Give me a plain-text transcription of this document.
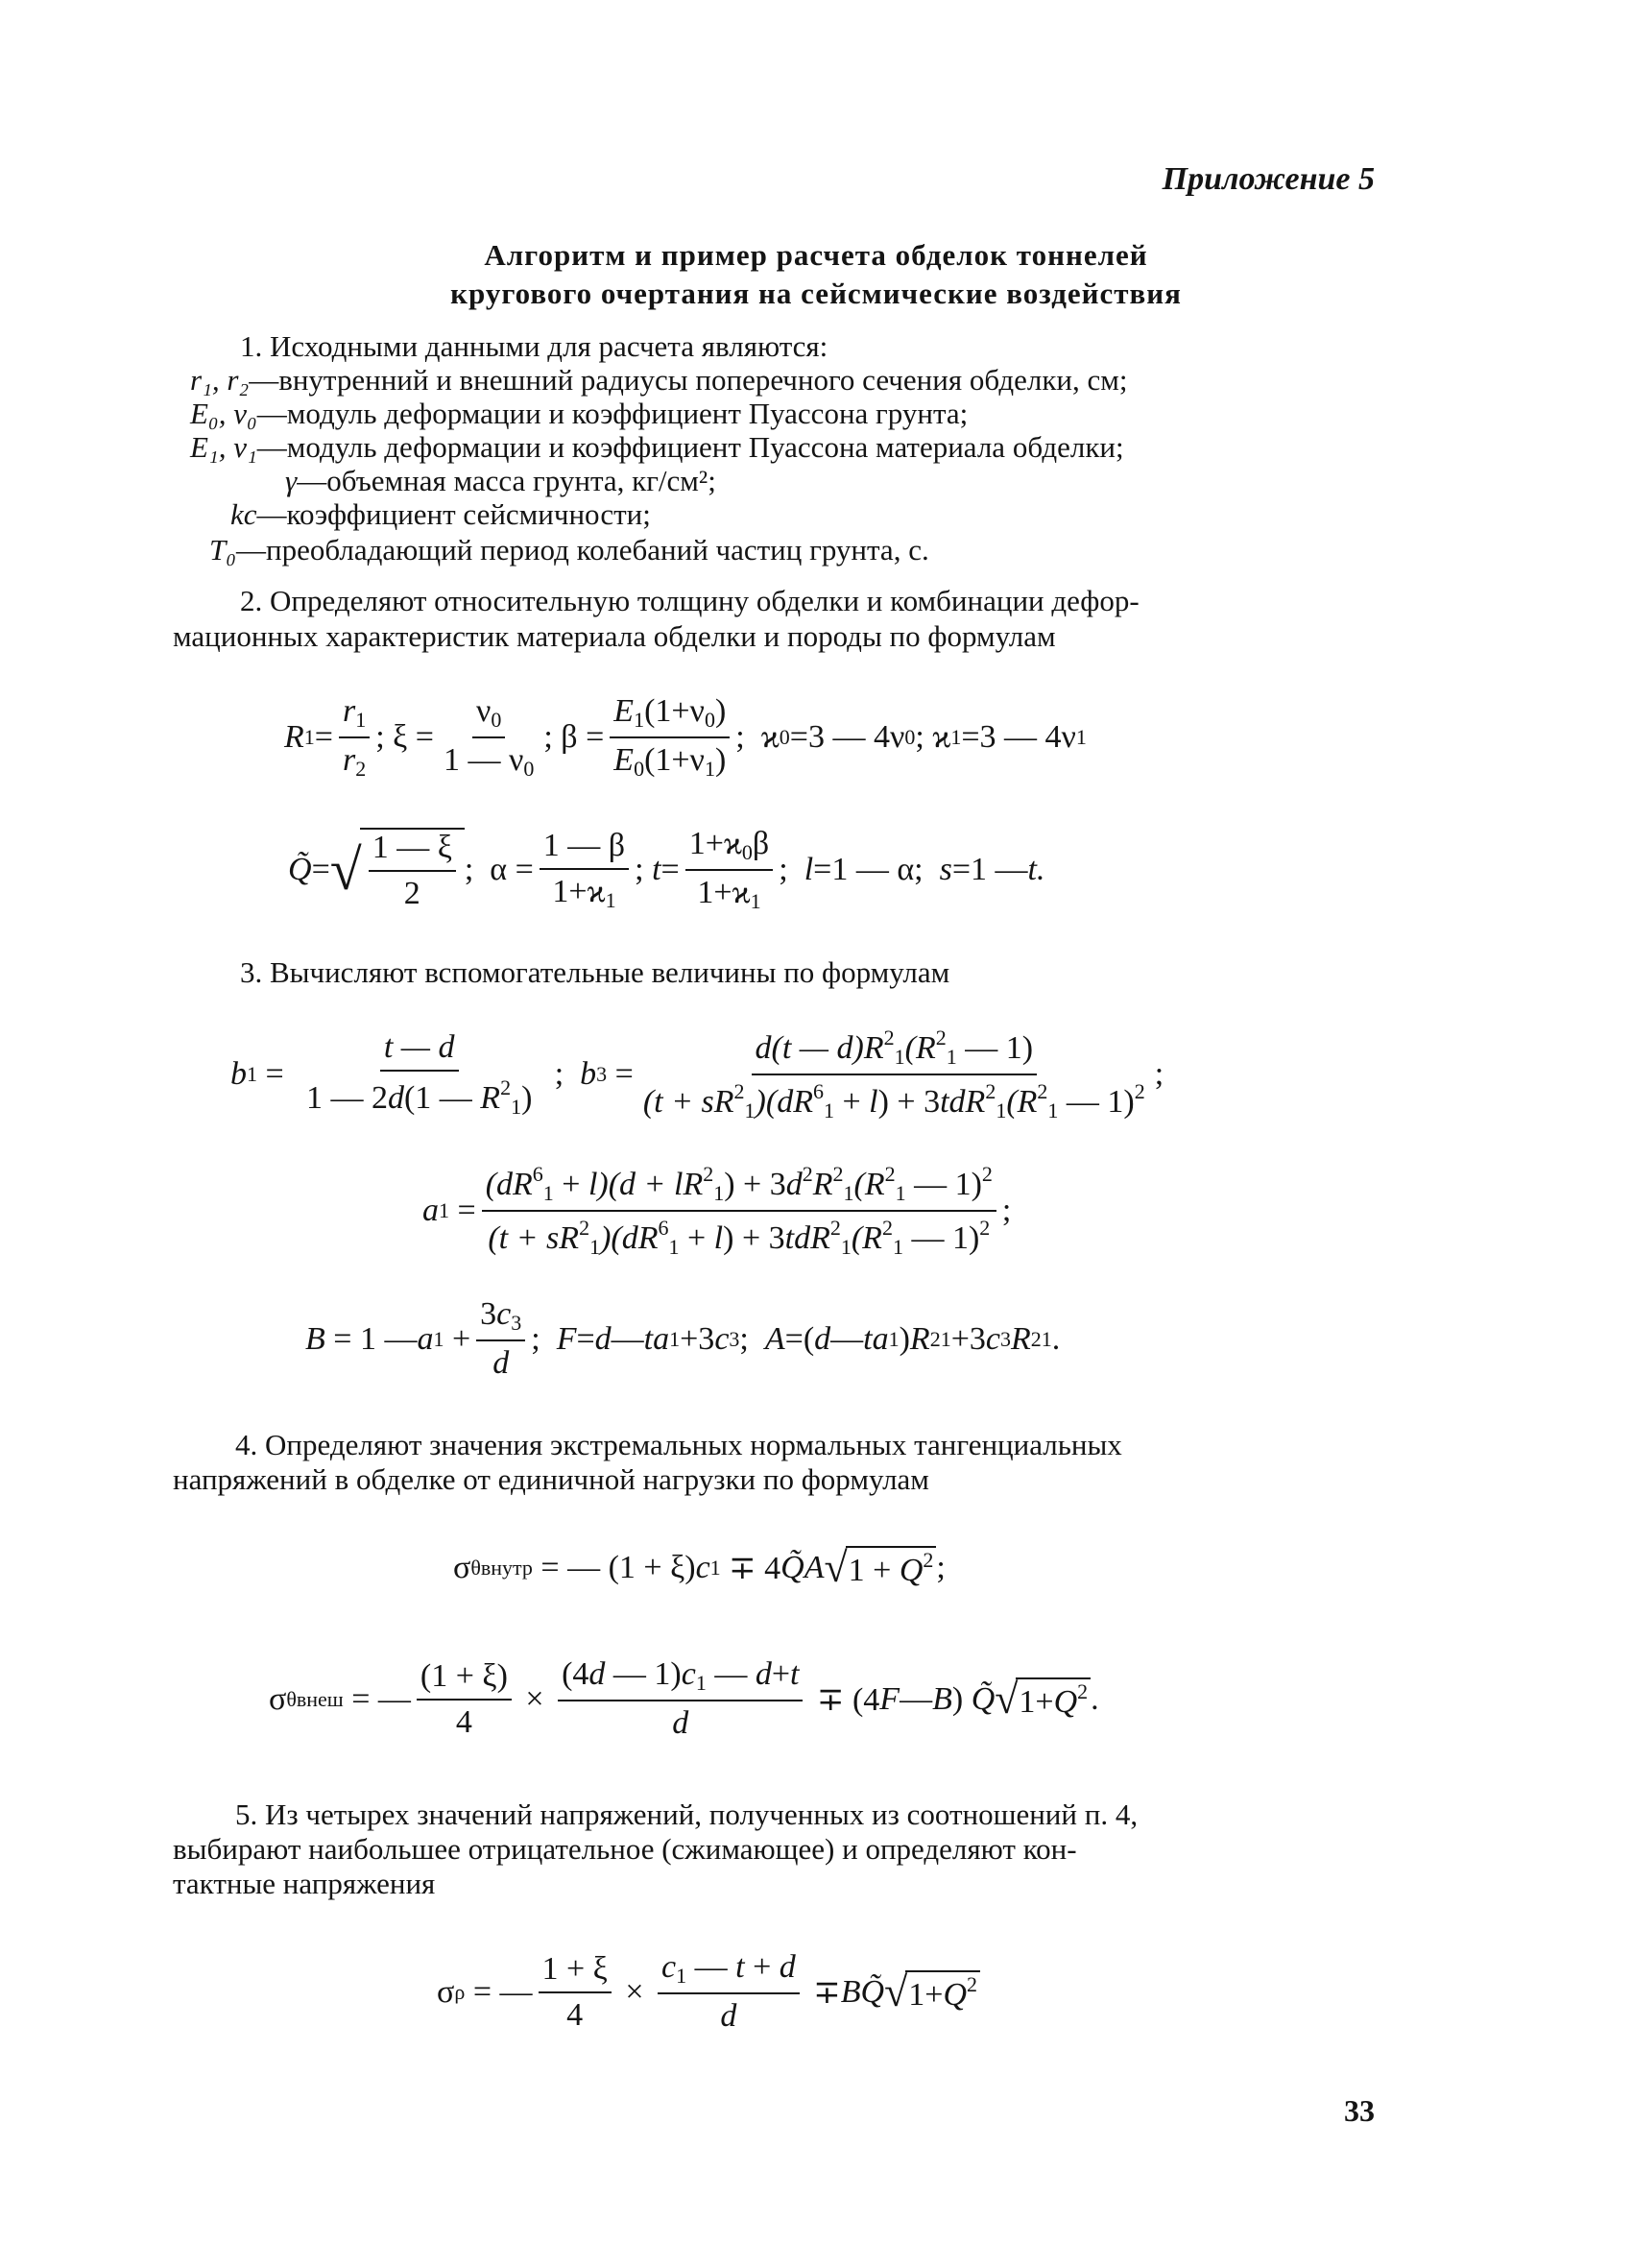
Приложение 5
Алгоритм и пример расчета обделок тоннелей
кругового очертания на сейсмические воздействия
1. Исходными данными для расчета являются:
r₁, r₂—внутренний и внешний радиусы поперечного сечения обделки, см;
E₀, ν₀—модуль деформации и коэффициент Пуассона грунта;
E₁, ν₁—модуль деформации и коэффициент Пуассона материала обделки;
γ—объемная масса грунта, кг/см²;
kс—коэффициент сейсмичности;
T₀—преобладающий период колебаний частиц грунта, с.
2. Определяют относительную толщину обделки и комбинации дефор-
мационных характеристик материала обделки и породы по формулам
R $1 = \frac{r_1}{r_2}$ ; $\xi = \frac{\nu_0}{1 — \nu_0}$ ; $\beta = \frac{E_1(1+\nu_0)}{E_0(1+\nu_1)}$ ;  ϰ 0 =3 — 4ν 0 ; ϰ 1 =3 — 4ν 1
Q̃ = √ $\frac{1 — \xi}{2}$ ;  $\alpha = \frac{1 — \beta}{1+ϰ_1}$ ;
$t = \frac{1+ϰ_0\beta}{1+ϰ_1}$ ; l =1 — α; s =1 — t.
3. Вычисляют вспомогательные величины по формулам
b $1 = \frac{t — d}{1 — 2d(1 — R^2_1)}$ ; b $3 = \frac{d(t — d)R^2_1(R^2_1 — 1)}{(t + sR^2_1)(dR^6_1 + l) + 3tdR^2_1(R^2_1 — 1)^2}$ ;
a $1 = \frac{(dR^6_1 + l)(d + lR^2_1) + 3d^2R^2_1(R^2_1 — 1)^2}{(t + sR^2_1)(dR^6_1 + l) + 3tdR^2_1(R^2_1 — 1)^2}$ ;
B = 1 — a $1 + \frac{3c_3}{d}$ ; F = d — ta 1 +3 c 3 ; A =( d — ta 1 ) R 2 1 +3 c 3 R 2 1 .
4. Определяют значения экстремальных нормальных тангенциальных
напряжений в обделке от единичной нагрузки по формулам
σ θвнутр = — (1 + ξ) c 1 ∓ 4 Q̃A √ $1 + Q^2$ ;
σ θвнеш = — $\frac{(1 + \xi)}{4} \times \frac{(4d — 1)c_1 — d+t}{d} \mp (4$ F — B ) Q̃ √ $1+Q^2$ .
5. Из четырех значений напряжений, полученных из соотношений п. 4,
выбирают наибольшее отрицательное (сжимающее) и определяют кон-
тактные напряжения
σ ρ = — $\frac{1 + \xi}{4} \times \frac{c_1 — t + d}{d}$ ∓ BQ̃ √ $1+Q^2$
33
